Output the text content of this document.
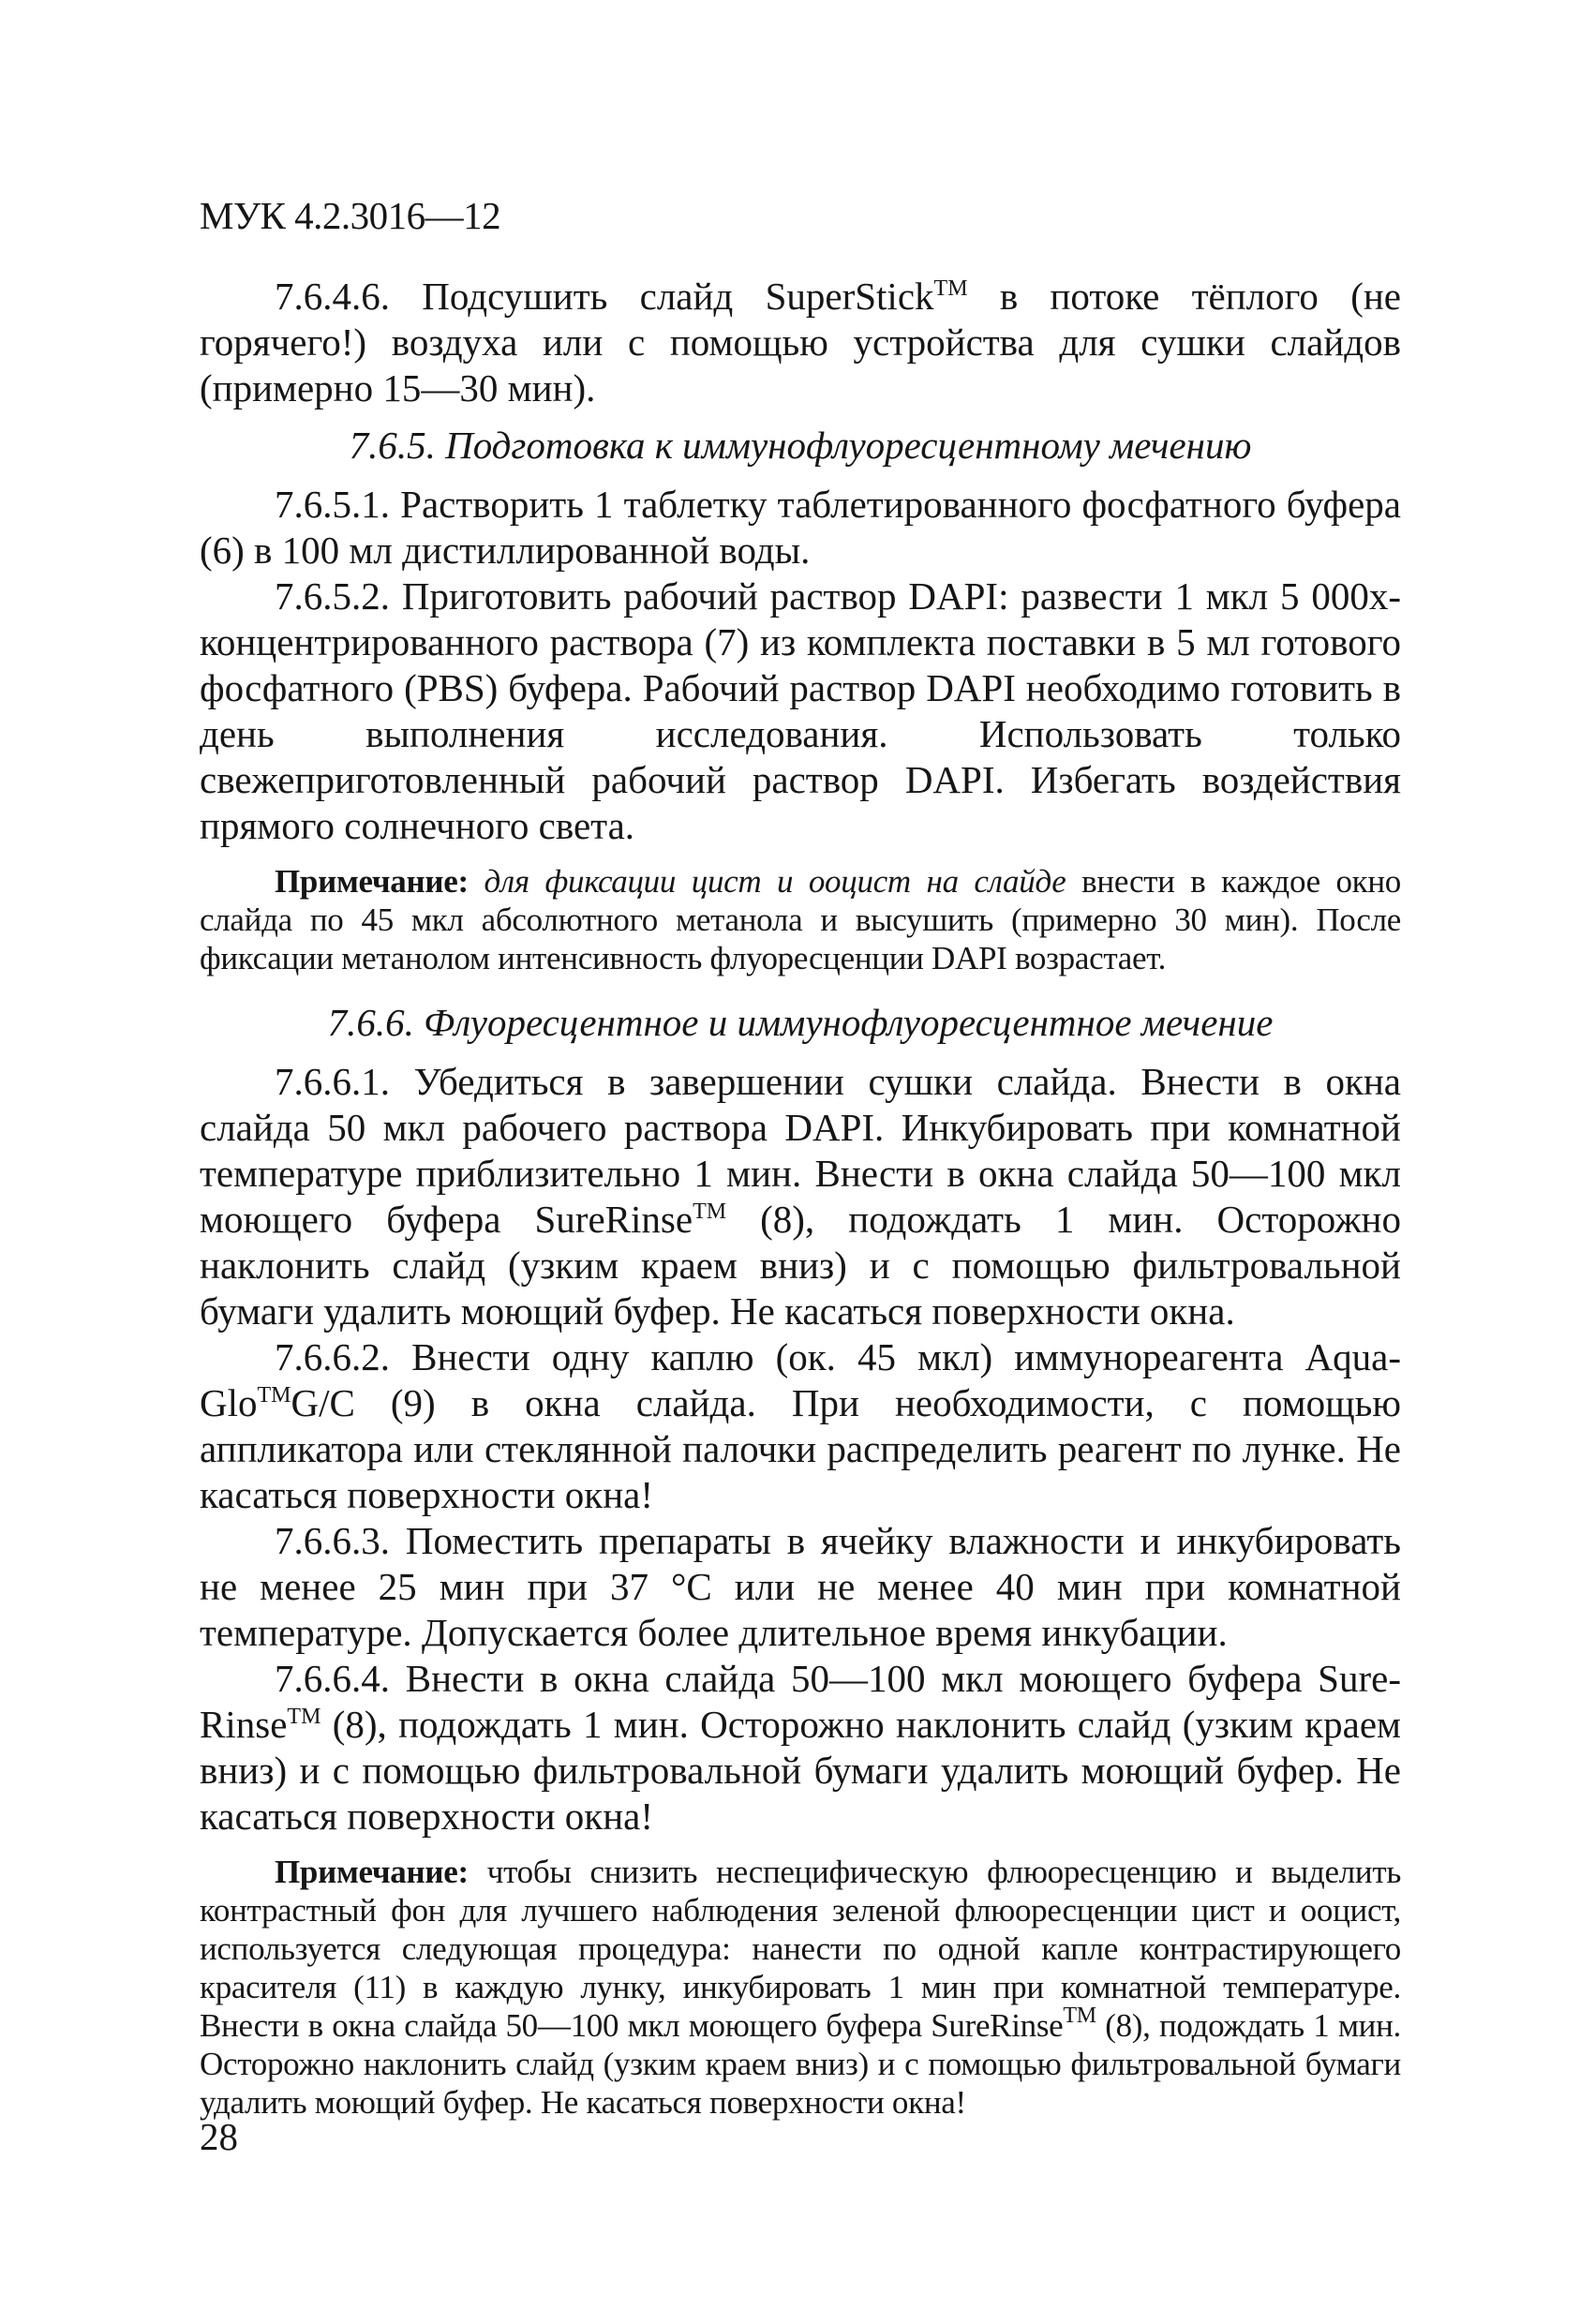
МУК 4.2.3016—12

7.6.4.6. Подсушить слайд SuperStick™ в потоке тёплого (не горячего!) воздуха или с помощью устройства для сушки слайдов (примерно 15—30 мин).

7.6.5. Подготовка к иммунофлуоресцентному мечению

7.6.5.1. Растворить 1 таблетку таблетированного фосфатного буфера (6) в 100 мл дистиллированной воды.

7.6.5.2. Приготовить рабочий раствор DAPI: развести 1 мкл 5 000х-концентрированного раствора (7) из комплекта поставки в 5 мл готового фосфатного (PBS) буфера. Рабочий раствор DAPI необходимо готовить в день выполнения исследования. Использовать только свежеприготовленный рабочий раствор DAPI. Избегать воздействия прямого солнечного света.

Примечание: для фиксации цист и ооцист на слайде внести в каждое окно слайда по 45 мкл абсолютного метанола и высушить (примерно 30 мин). После фиксации метанолом интенсивность флуоресценции DAPI возрастает.

7.6.6. Флуоресцентное и иммунофлуоресцентное мечение

7.6.6.1. Убедиться в завершении сушки слайда. Внести в окна слайда 50 мкл рабочего раствора DAPI. Инкубировать при комнатной температуре приблизительно 1 мин. Внести в окна слайда 50—100 мкл моющего буфера SureRinse™ (8), подождать 1 мин. Осторожно наклонить слайд (узким краем вниз) и с помощью фильтровальной бумаги удалить моющий буфер. Не касаться поверхности окна.

7.6.6.2. Внести одну каплю (ок. 45 мкл) иммунореагента Aqua-Glo™G/C (9) в окна слайда. При необходимости, с помощью аппликатора или стеклянной палочки распределить реагент по лунке. Не касаться поверхности окна!

7.6.6.3. Поместить препараты в ячейку влажности и инкубировать не менее 25 мин при 37 °С или не менее 40 мин при комнатной температуре. Допускается более длительное время инкубации.

7.6.6.4. Внести в окна слайда 50—100 мкл моющего буфера Sure-Rinse™ (8), подождать 1 мин. Осторожно наклонить слайд (узким краем вниз) и с помощью фильтровальной бумаги удалить моющий буфер. Не касаться поверхности окна!

Примечание: чтобы снизить неспецифическую флюоресценцию и выделить контрастный фон для лучшего наблюдения зеленой флюоресценции цист и ооцист, используется следующая процедура: нанести по одной капле контрастирующего красителя (11) в каждую лунку, инкубировать 1 мин при комнатной температуре. Внести в окна слайда 50—100 мкл моющего буфера SureRinse™ (8), подождать 1 мин. Осторожно наклонить слайд (узким краем вниз) и с помощью фильтровальной бумаги удалить моющий буфер. Не касаться поверхности окна!

28
